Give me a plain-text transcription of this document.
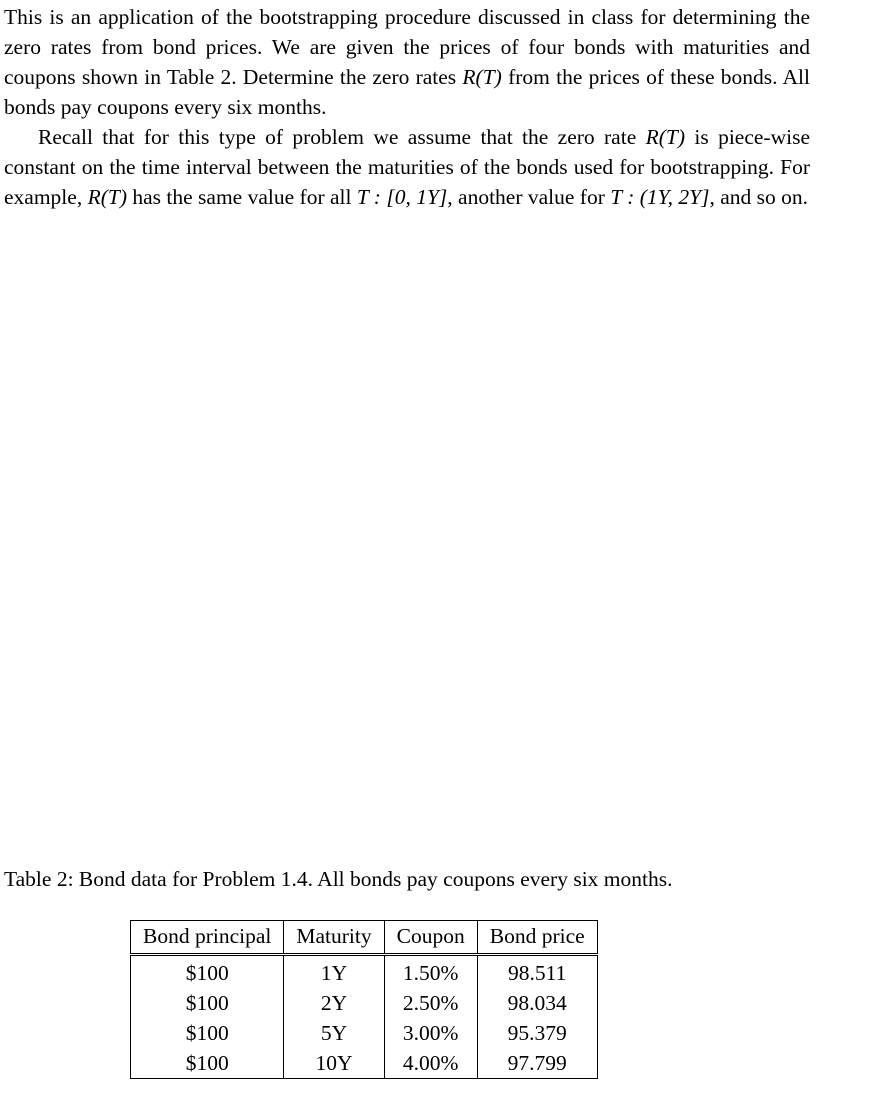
This is an application of the bootstrapping procedure discussed in class for determining the zero rates from bond prices. We are given the prices of four bonds with maturities and coupons shown in Table 2. Determine the zero rates R(T) from the prices of these bonds. All bonds pay coupons every six months.

Recall that for this type of problem we assume that the zero rate R(T) is piece-wise constant on the time interval between the maturities of the bonds used for bootstrapping. For example, R(T) has the same value for all T : [0, 1Y], another value for T : (1Y, 2Y], and so on.

Table 2: Bond data for Problem 1.4. All bonds pay coupons every six months.
Bond principal	Maturity	Coupon	Bond price
$100	1Y	1.50%	98.511
$100	2Y	2.50%	98.034
$100	5Y	3.00%	95.379
$100	10Y	4.00%	97.799
